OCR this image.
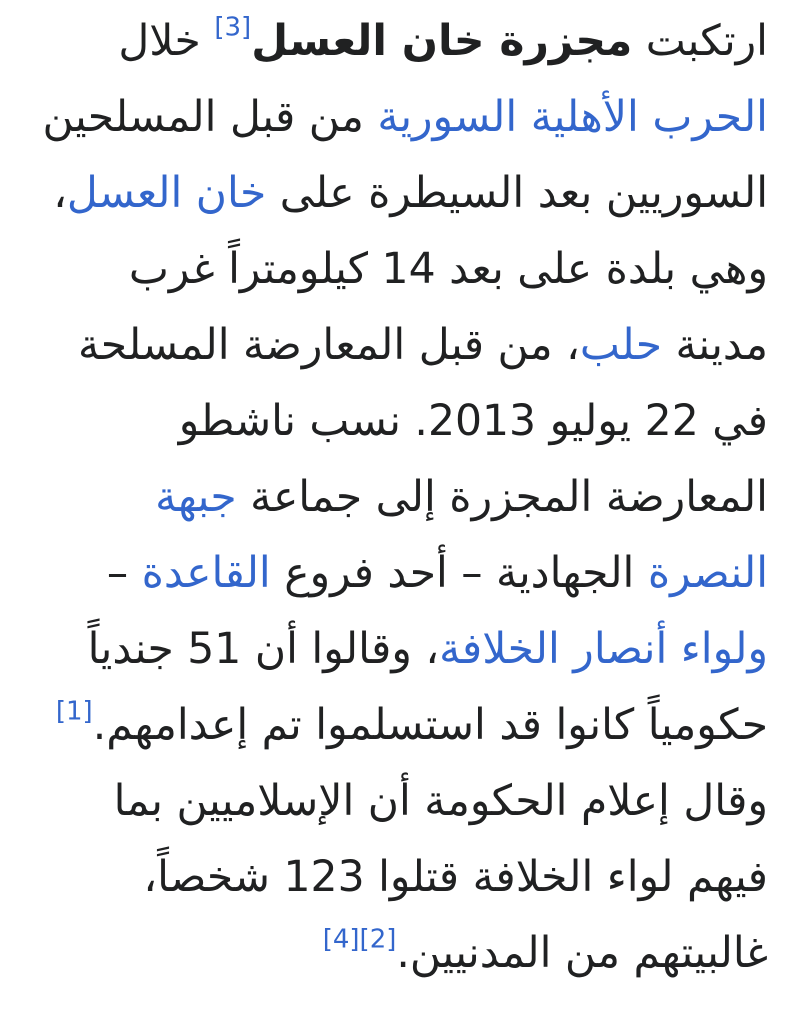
ارتكبت مجزرة خان العسل[3] خلال الحرب الأهلية السورية من قبل المسلحين السوريين بعد السيطرة على خان العسل، وهي بلدة على بعد 14 كيلومتراً غرب مدينة حلب، من قبل المعارضة المسلحة في 22 يوليو 2013. نسب ناشطو المعارضة المجزرة إلى جماعة جبهة النصرة الجهادية – أحد فروع القاعدة – ولواء أنصار الخلافة، وقالوا أن 51 جندياً حكومياً كانوا قد استسلموا تم إعدامهم.[1] وقال إعلام الحكومة أن الإسلاميين بما فيهم لواء الخلافة قتلوا 123 شخصاً، غالبيتهم من المدنيين.[2][4]
